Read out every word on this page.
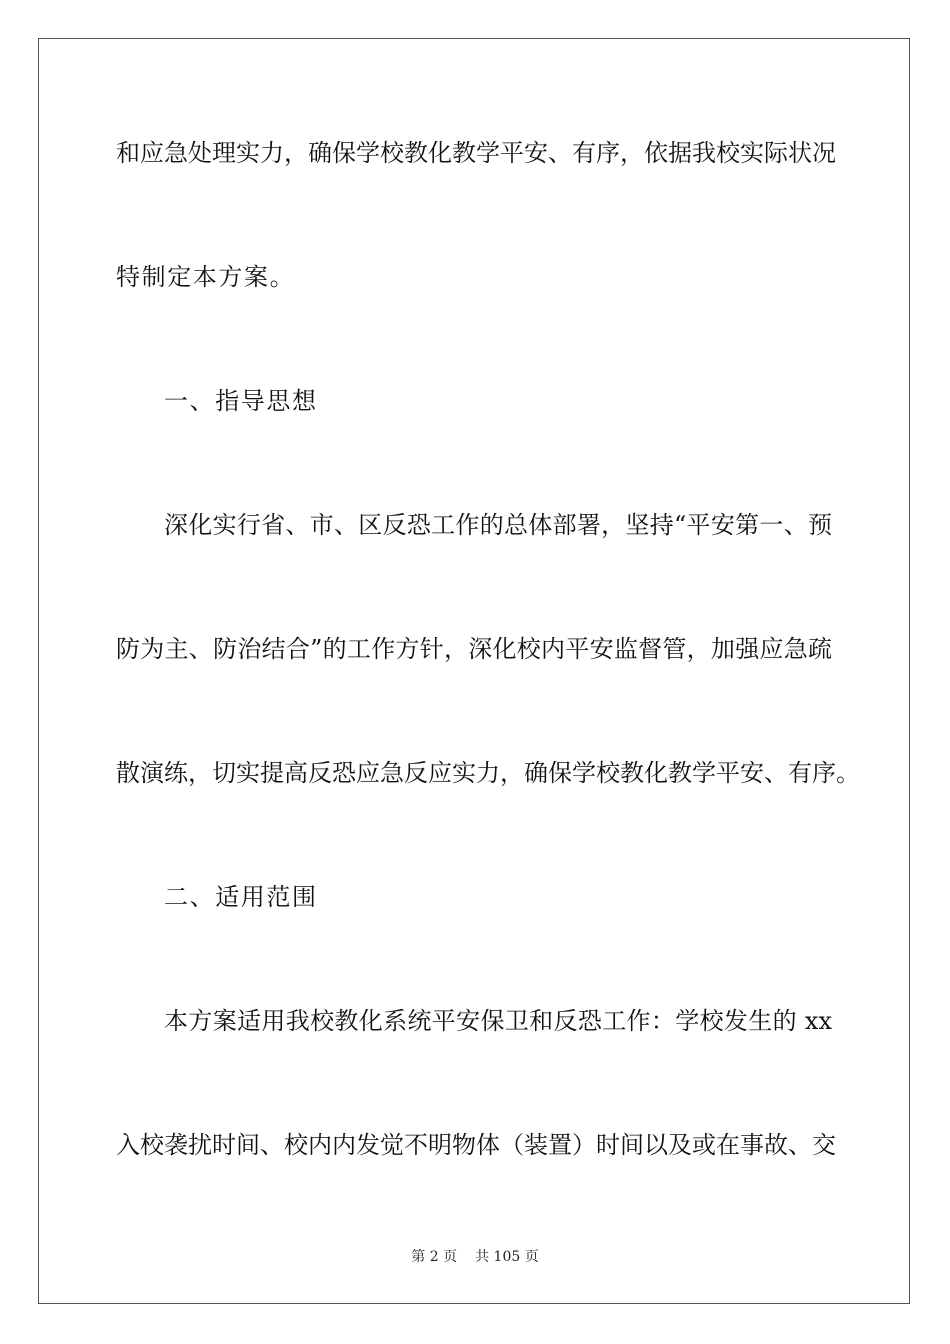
和应急处理实力，确保学校教化教学平安、有序，依据我校实际状况
特制定本方案。
一、指导思想
深化实行省、市、区反恐工作的总体部署，坚持“平安第一、预
防为主、防治结合”的工作方针，深化校内平安监督管，加强应急疏
散演练，切实提高反恐应急反应实力，确保学校教化教学平安、有序。
二、适用范围
本方案适用我校教化系统平安保卫和反恐工作：学校发生的 xx
入校袭扰时间、校内内发觉不明物体（装置）时间以及或在事故、交
第 2 页 共 105 页
